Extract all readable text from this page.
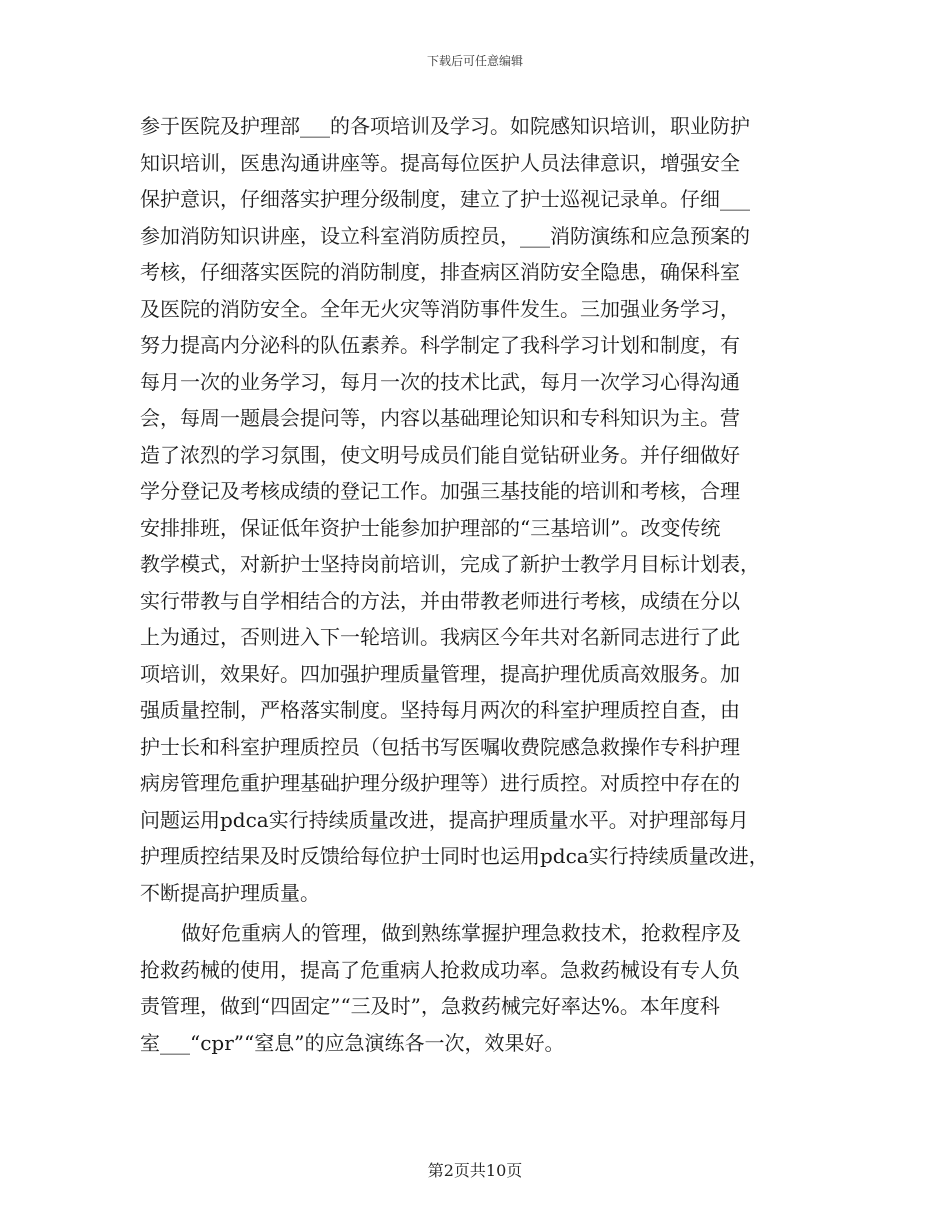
下载后可任意编辑
参于医院及护理部___的各项培训及学习。如院感知识培训，职业防护
知识培训，医患沟通讲座等。提高每位医护人员法律意识，增强安全
保护意识，仔细落实护理分级制度，建立了护士巡视记录单。仔细___
参加消防知识讲座，设立科室消防质控员，___消防演练和应急预案的
考核，仔细落实医院的消防制度，排查病区消防安全隐患，确保科室
及医院的消防安全。全年无火灾等消防事件发生。三加强业务学习，
努力提高内分泌科的队伍素养。科学制定了我科学习计划和制度，有
每月一次的业务学习，每月一次的技术比武，每月一次学习心得沟通
会，每周一题晨会提问等，内容以基础理论知识和专科知识为主。营
造了浓烈的学习氛围，使文明号成员们能自觉钻研业务。并仔细做好
学分登记及考核成绩的登记工作。加强三基技能的培训和考核，合理
安排排班，保证低年资护士能参加护理部的“三基培训”。改变传统
教学模式，对新护士坚持岗前培训，完成了新护士教学月目标计划表，
实行带教与自学相结合的方法，并由带教老师进行考核，成绩在分以
上为通过，否则进入下一轮培训。我病区今年共对名新同志进行了此
项培训，效果好。四加强护理质量管理，提高护理优质高效服务。加
强质量控制，严格落实制度。坚持每月两次的科室护理质控自查，由
护士长和科室护理质控员（包括书写医嘱收费院感急救操作专科护理
病房管理危重护理基础护理分级护理等）进行质控。对质控中存在的
问题运用pdca实行持续质量改进，提高护理质量水平。对护理部每月
护理质控结果及时反馈给每位护士同时也运用pdca实行持续质量改进，
不断提高护理质量。
做好危重病人的管理，做到熟练掌握护理急救技术，抢救程序及
抢救药械的使用，提高了危重病人抢救成功率。急救药械设有专人负
责管理，做到“四固定”“三及时”，急救药械完好率达%。本年度科
室___“cpr”“窒息”的应急演练各一次，效果好。
第2页共10页
